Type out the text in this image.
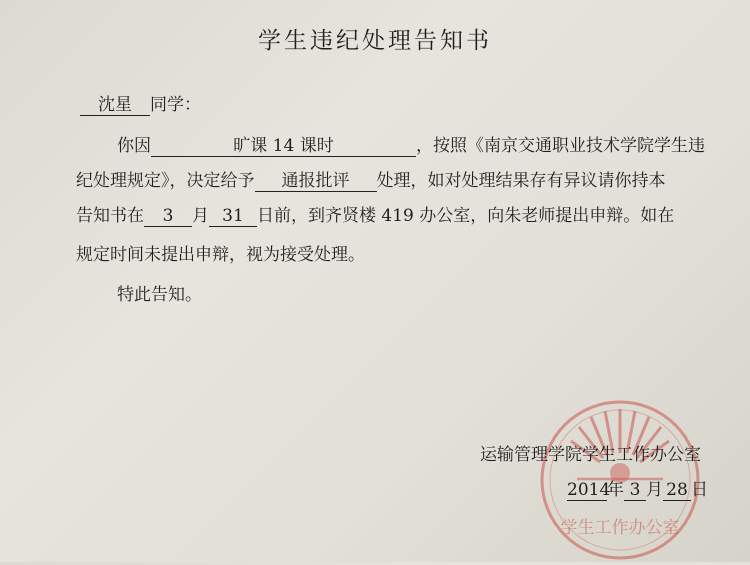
学生违纪处理告知书
沈星 同学：
你因	旷课 14 课时	，按照《南京交通职业技术学院学生违
纪处理规定》，决定给予 通报批评 处理，如对处理结果存有异议请你持本
告知书在 3 月 31 日前，到齐贤楼 419 办公室，向朱老师提出申辩。如在
规定时间未提出申辩，视为接受处理。
特此告知。
学生工作办公室
运输管理学院学生工作办公室
2014年 3 月 28 日
